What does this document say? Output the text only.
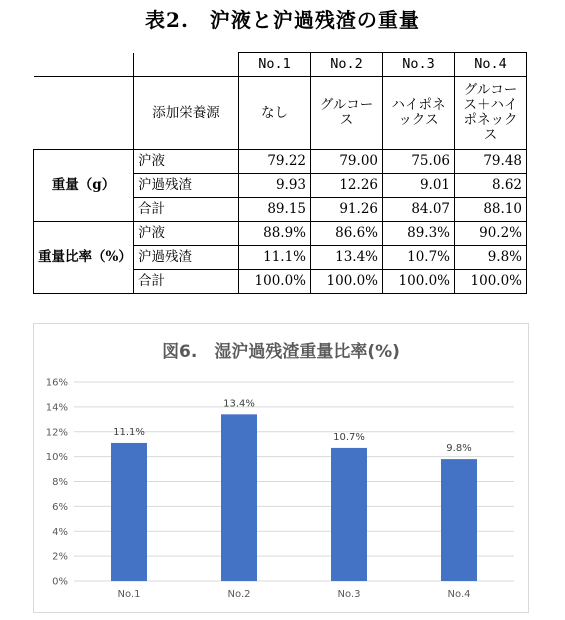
表2.　沪液と沪過残渣の重量
		No.1	No.2	No.3	No.4
	添加栄養源	なし	グルコース	ハイポネックス	グルコース＋ハイポネックス
重量（g）	沪液	79.22	79.00	75.06	79.48
	沪過残渣	9.93	12.26	9.01	8.62
	合計	89.15	91.26	84.07	88.10
重量比率（%）	沪液	88.9%	86.6%	89.3%	90.2%
	沪過残渣	11.1%	13.4%	10.7%	9.8%
	合計	100.0%	100.0%	100.0%	100.0%
図6.　湿沪過残渣重量比率(%)
0%
2%
4%
6%
8%
10%
12%
14%
16%
11.1%
No.1
13.4%
No.2
10.7%
No.3
9.8%
No.4
